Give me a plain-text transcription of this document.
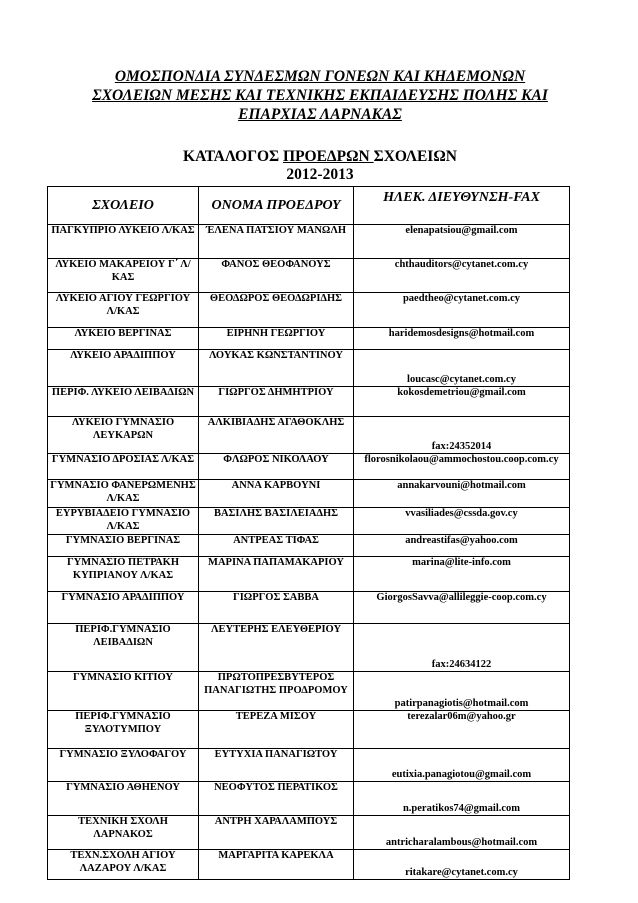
ΟΜΟΣΠΟΝΔΙΑ ΣΥΝΔΕΣΜΩΝ ΓΟΝΕΩΝ ΚΑΙ ΚΗΔΕΜΟΝΩΝ
ΣΧΟΛΕΙΩΝ ΜΕΣΗΣ ΚΑΙ ΤΕΧΝΙΚΗΣ ΕΚΠΑΙΔΕΥΣΗΣ ΠΟΛΗΣ ΚΑΙ
ΕΠΑΡΧΙΑΣ ΛΑΡΝΑΚΑΣ
ΚΑΤΑΛΟΓΟΣ ΠΡΟΕΔΡΩΝ ΣΧΟΛΕΙΩΝ
2012-2013
ΣΧΟΛΕΙΟ	ΟΝΟΜΑ ΠΡΟΕΔΡΟΥ	ΗΛΕΚ. ΔΙΕΥΘΥΝΣΗ-FAX
ΠΑΓΚΥΠΡΙΟ ΛΥΚΕΙΟ Λ/ΚΑΣ	ΈΛΕΝΑ ΠΑΤΣΙΟΥ ΜΑΝΩΛΗ	elenapatsiou@gmail.com
ΛΥΚΕΙΟ ΜΑΚΑΡΕΙΟΥ Γ΄ Λ/ΚΑΣ	ΦΑΝΟΣ ΘΕΟΦΑΝΟΥΣ	chthauditors@cytanet.com.cy
ΛΥΚΕΙΟ ΑΓΙΟΥ ΓΕΩΡΓΙΟΥ Λ/ΚΑΣ	ΘΕΟΔΩΡΟΣ ΘΕΟΔΩΡΙΔΗΣ	paedtheo@cytanet.com.cy
ΛΥΚΕΙΟ ΒΕΡΓΙΝΑΣ	ΕΙΡΗΝΗ ΓΕΩΡΓΙΟΥ	haridemosdesigns@hotmail.com
ΛΥΚΕΙΟ ΑΡΑΔΙΠΠΟΥ	ΛΟΥΚΑΣ ΚΩΝΣΤΑΝΤΙΝΟΥ	loucasc@cytanet.com.cy
ΠΕΡΙΦ. ΛΥΚΕΙΟ ΛΕΙΒΑΔΙΩΝ	ΓΙΩΡΓΟΣ ΔΗΜΗΤΡΙΟΥ	kokosdemetriou@gmail.com
ΛΥΚΕΙΟ ΓΥΜΝΑΣΙΟ ΛΕΥΚΑΡΩΝ	ΑΛΚΙΒΙΑΔΗΣ ΑΓΑΘΟΚΛΗΣ	fax:24352014
ΓΥΜΝΑΣΙΟ ΔΡΟΣΙΑΣ Λ/ΚΑΣ	ΦΛΩΡΟΣ ΝΙΚΟΛΑΟΥ	florosnikolaou@ammochostou.coop.com.cy
ΓΥΜΝΑΣΙΟ ΦΑΝΕΡΩΜΕΝΗΣ Λ/ΚΑΣ	ΑΝΝΑ ΚΑΡΒΟΥΝΙ	annakarvouni@hotmail.com
ΕΥΡΥΒΙΑΔΕΙΟ ΓΥΜΝΑΣΙΟ Λ/ΚΑΣ	ΒΑΣΙΛΗΣ ΒΑΣΙΛΕΙΑΔΗΣ	vvasiliades@cssda.gov.cy
ΓΥΜΝΑΣΙΟ ΒΕΡΓΙΝΑΣ	ΑΝΤΡΕΑΣ ΤΙΦΑΣ	andreastifas@yahoo.com
ΓΥΜΝΑΣΙΟ ΠΕΤΡΑΚΗ ΚΥΠΡΙΑΝΟΥ Λ/ΚΑΣ	ΜΑΡΙΝΑ ΠΑΠΑΜΑΚΑΡΙΟΥ	marina@lite-info.com
ΓΥΜΝΑΣΙΟ ΑΡΑΔΙΠΠΟΥ	ΓΙΩΡΓΟΣ ΣΑΒΒΑ	GiorgosSavva@allileggie-coop.com.cy
ΠΕΡΙΦ.ΓΥΜΝΑΣΙΟ ΛΕΙΒΑΔΙΩΝ	ΛΕΥΤΕΡΗΣ ΕΛΕΥΘΕΡΙΟΥ	fax:24634122
ΓΥΜΝΑΣΙΟ ΚΙΤΙΟΥ	ΠΡΩΤΟΠΡΕΣΒΥΤΕΡΟΣ ΠΑΝΑΓΙΩΤΗΣ ΠΡΟΔΡΟΜΟΥ	patirpanagiotis@hotmail.com
ΠΕΡΙΦ.ΓΥΜΝΑΣΙΟ ΞΥΛΟΤΥΜΠΟΥ	ΤΕΡΕΖΑ ΜΙΣΟΥ	terezalar06m@yahoo.gr
ΓΥΜΝΑΣΙΟ ΞΥΛΟΦΑΓΟΥ	ΕΥΤΥΧΙΑ ΠΑΝΑΓΙΩΤΟΥ	eutixia.panagiotou@gmail.com
ΓΥΜΝΑΣΙΟ ΑΘΗΕΝΟΥ	ΝΕΟΦΥΤΟΣ ΠΕΡΑΤΙΚΟΣ	n.peratikos74@gmail.com
ΤΕΧΝΙΚΗ ΣΧΟΛΗ ΛΑΡΝΑΚΟΣ	ΑΝΤΡΗ ΧΑΡΑΛΑΜΠΟΥΣ	antricharalambous@hotmail.com
ΤΕΧΝ.ΣΧΟΛΗ ΑΓΙΟΥ ΛΑΖΑΡΟΥ Λ/ΚΑΣ	ΜΑΡΓΑΡΙΤΑ ΚΑΡΕΚΛΑ	ritakare@cytanet.com.cy
